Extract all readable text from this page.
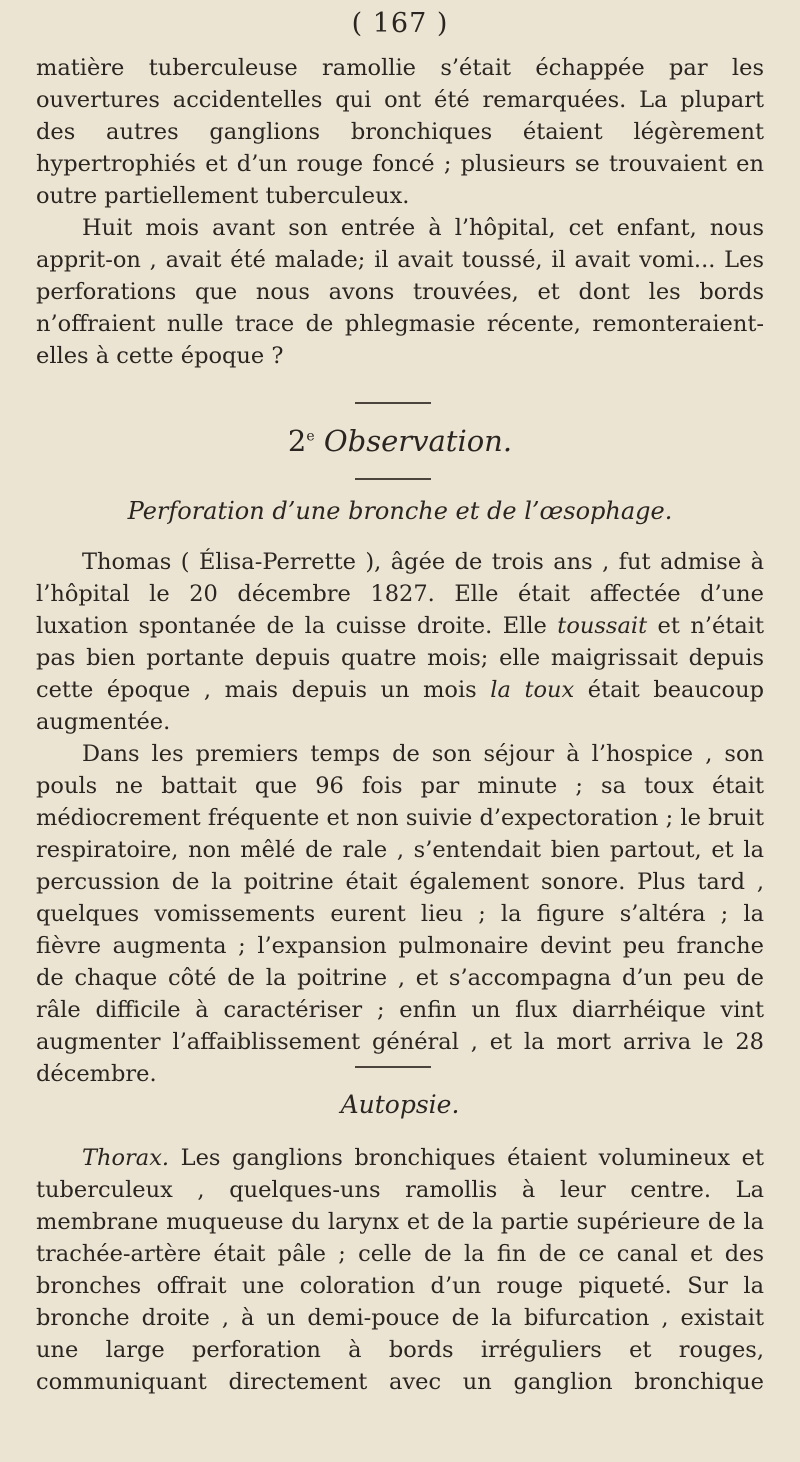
( 167 )

matière tuberculeuse ramollie s’était échappée par les ouvertures accidentelles qui ont été remarquées. La plupart des autres ganglions bronchiques étaient légèrement hypertrophiés et d’un rouge foncé ; plusieurs se trouvaient en outre partiellement tuberculeux.

Huit mois avant son entrée à l’hôpital, cet enfant, nous apprit-on , avait été malade; il avait toussé, il avait vomi... Les perforations que nous avons trouvées, et dont les bords n’offraient nulle trace de phlegmasie récente, remonteraient-elles à cette époque ?

2e Observation.
Perforation d’une bronche et de l’œsophage.

Thomas ( Élisa-Perrette ), âgée de trois ans , fut admise à l’hôpital le 20 décembre 1827. Elle était affectée d’une luxation spontanée de la cuisse droite. Elle toussait et n’était pas bien portante depuis quatre mois; elle maigrissait depuis cette époque , mais depuis un mois la toux était beaucoup augmentée.

Dans les premiers temps de son séjour à l’hospice , son pouls ne battait que 96 fois par minute ; sa toux était médiocrement fréquente et non suivie d’expectoration ; le bruit respiratoire, non mêlé de rale , s’entendait bien partout, et la percussion de la poitrine était également sonore. Plus tard , quelques vomissements eurent lieu ; la figure s’altéra ; la fièvre augmenta ; l’expansion pulmonaire devint peu franche de chaque côté de la poitrine , et s’accompagna d’un peu de râle difficile à caractériser ; enfin un flux diarrhéique vint augmenter l’affaiblissement général , et la mort arriva le 28 décembre.

Autopsie.

Thorax. Les ganglions bronchiques étaient volumineux et tuberculeux , quelques-uns ramollis à leur centre. La membrane muqueuse du larynx et de la partie supérieure de la trachée-artère était pâle ; celle de la fin de ce canal et des bronches offrait une coloration d’un rouge piqueté. Sur la bronche droite , à un demi-pouce de la bifurcation , existait une large perforation à bords irréguliers et rouges, communiquant directement avec un ganglion bronchique
